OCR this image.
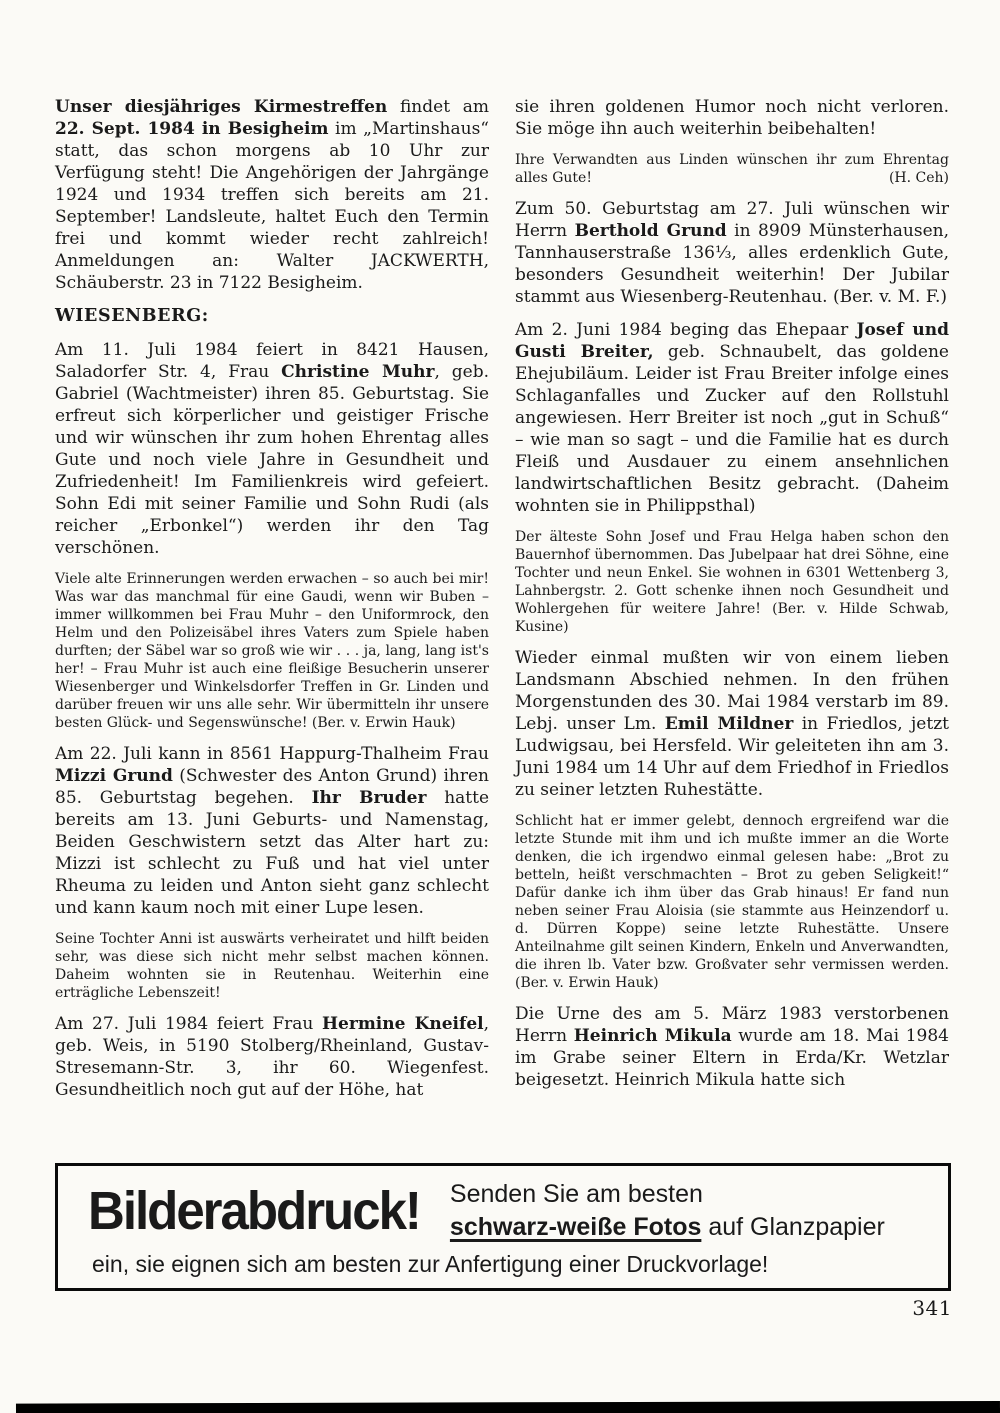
Unser diesjähriges Kirmestreffen findet am 22. Sept. 1984 in Besigheim im „Martinshaus“ statt, das schon morgens ab 10 Uhr zur Verfügung steht! Die Angehörigen der Jahrgänge 1924 und 1934 treffen sich bereits am 21. September! Landsleute, haltet Euch den Termin frei und kommt wieder recht zahlreich! Anmeldungen an: Walter JACKWERTH, Schäuberstr. 23 in 7122 Besigheim.
WIESENBERG:
Am 11. Juli 1984 feiert in 8421 Hausen, Saladorfer Str. 4, Frau Christine Muhr, geb. Gabriel (Wachtmeister) ihren 85. Geburtstag. Sie erfreut sich körperlicher und geistiger Frische und wir wünschen ihr zum hohen Ehrentag alles Gute und noch viele Jahre in Gesundheit und Zufriedenheit! Im Familienkreis wird gefeiert. Sohn Edi mit seiner Familie und Sohn Rudi (als reicher „Erbonkel“) werden ihr den Tag verschönen.
Viele alte Erinnerungen werden erwachen – so auch bei mir! Was war das manchmal für eine Gaudi, wenn wir Buben – immer willkommen bei Frau Muhr – den Uniformrock, den Helm und den Polizeisäbel ihres Vaters zum Spiele haben durften; der Säbel war so groß wie wir . . . ja, lang, lang ist's her! – Frau Muhr ist auch eine fleißige Besucherin unserer Wiesenberger und Winkelsdorfer Treffen in Gr. Linden und darüber freuen wir uns alle sehr. Wir übermitteln ihr unsere besten Glück- und Segenswünsche! (Ber. v. Erwin Hauk)
Am 22. Juli kann in 8561 Happurg-Thalheim Frau Mizzi Grund (Schwester des Anton Grund) ihren 85. Geburtstag begehen. Ihr Bruder hatte bereits am 13. Juni Geburts- und Namenstag, Beiden Geschwistern setzt das Alter hart zu: Mizzi ist schlecht zu Fuß und hat viel unter Rheuma zu leiden und Anton sieht ganz schlecht und kann kaum noch mit einer Lupe lesen.
Seine Tochter Anni ist auswärts verheiratet und hilft beiden sehr, was diese sich nicht mehr selbst machen können. Daheim wohnten sie in Reutenhau. Weiterhin eine erträgliche Lebenszeit!
Am 27. Juli 1984 feiert Frau Hermine Kneifel, geb. Weis, in 5190 Stolberg/Rheinland, Gustav-Stresemann-Str. 3, ihr 60. Wiegenfest. Gesundheitlich noch gut auf der Höhe, hat
sie ihren goldenen Humor noch nicht verloren. Sie möge ihn auch weiterhin beibehalten!
Ihre Verwandten aus Linden wünschen ihr zum Ehrentag alles Gute!	(H. Ceh)
Zum 50. Geburtstag am 27. Juli wünschen wir Herrn Berthold Grund in 8909 Münsterhausen, Tannhauserstraße 136⅓, alles erdenklich Gute, besonders Gesundheit weiterhin! Der Jubilar stammt aus Wiesenberg-Reutenhau. (Ber. v. M. F.)
Am 2. Juni 1984 beging das Ehepaar Josef und Gusti Breiter, geb. Schnaubelt, das goldene Ehejubiläum. Leider ist Frau Breiter infolge eines Schlaganfalles und Zucker auf den Rollstuhl angewiesen. Herr Breiter ist noch „gut in Schuß“ – wie man so sagt – und die Familie hat es durch Fleiß und Ausdauer zu einem ansehnlichen landwirtschaftlichen Besitz gebracht. (Daheim wohnten sie in Philippsthal)
Der älteste Sohn Josef und Frau Helga haben schon den Bauernhof übernommen. Das Jubelpaar hat drei Söhne, eine Tochter und neun Enkel. Sie wohnen in 6301 Wettenberg 3, Lahnbergstr. 2. Gott schenke ihnen noch Gesundheit und Wohlergehen für weitere Jahre! (Ber. v. Hilde Schwab, Kusine)
Wieder einmal mußten wir von einem lieben Landsmann Abschied nehmen. In den frühen Morgenstunden des 30. Mai 1984 verstarb im 89. Lebj. unser Lm. Emil Mildner in Friedlos, jetzt Ludwigsau, bei Hersfeld. Wir geleiteten ihn am 3. Juni 1984 um 14 Uhr auf dem Friedhof in Friedlos zu seiner letzten Ruhestätte.
Schlicht hat er immer gelebt, dennoch ergreifend war die letzte Stunde mit ihm und ich mußte immer an die Worte denken, die ich irgendwo einmal gelesen habe: „Brot zu betteln, heißt verschmachten – Brot zu geben Seligkeit!“ Dafür danke ich ihm über das Grab hinaus! Er fand nun neben seiner Frau Aloisia (sie stammte aus Heinzendorf u. d. Dürren Koppe) seine letzte Ruhestätte. Unsere Anteilnahme gilt seinen Kindern, Enkeln und Anverwandten, die ihren lb. Vater bzw. Großvater sehr vermissen werden. (Ber. v. Erwin Hauk)
Die Urne des am 5. März 1983 verstorbenen Herrn Heinrich Mikula wurde am 18. Mai 1984 im Grabe seiner Eltern in Erda/Kr. Wetzlar beigesetzt. Heinrich Mikula hatte sich
Bilderabdruck! Senden Sie am besten
schwarz-weiße Fotos auf Glanzpapier
ein, sie eignen sich am besten zur Anfertigung einer Druckvorlage!
341
